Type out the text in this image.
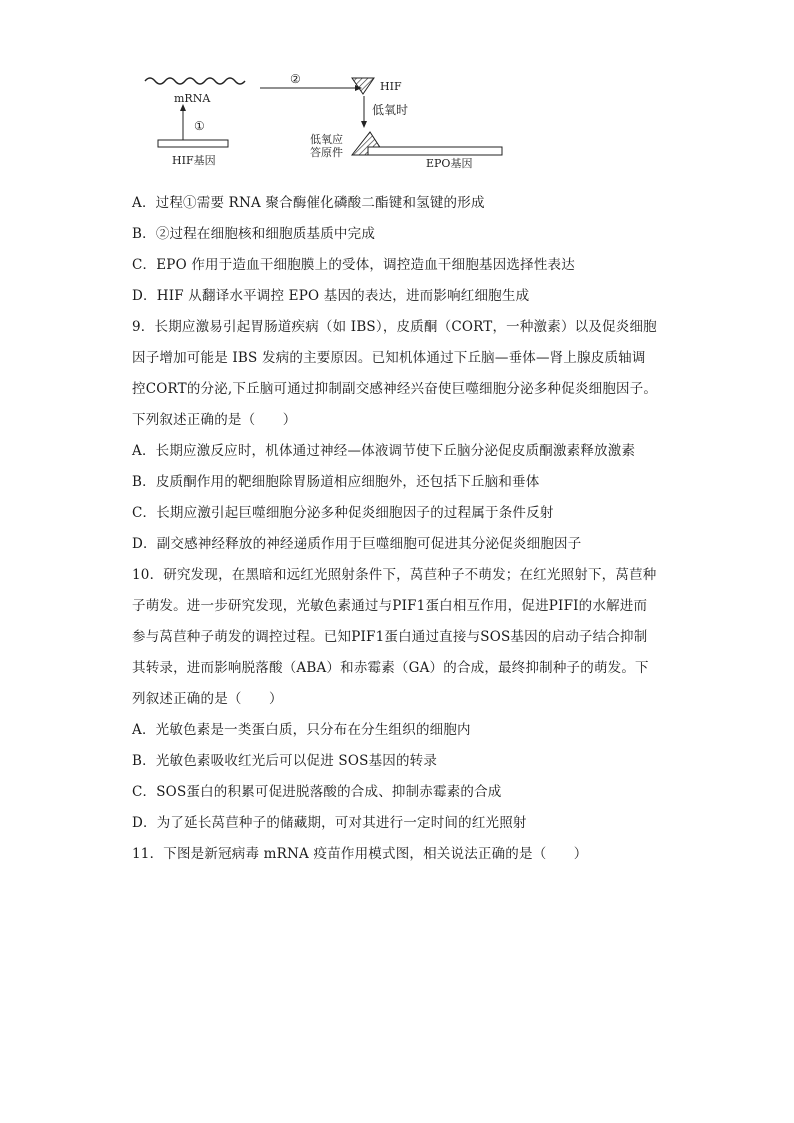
mRNA
①
②
HIF基因
HIF
低氧时
低氧应
答原件
EPO基因
A．过程①需要 RNA 聚合酶催化磷酸二酯键和氢键的形成
B．②过程在细胞核和细胞质基质中完成
C．EPO 作用于造血干细胞膜上的受体，调控造血干细胞基因选择性表达
D．HIF 从翻译水平调控 EPO 基因的表达，进而影响红细胞生成
9．长期应激易引起胃肠道疾病（如 IBS），皮质酮（CORT，一种激素）以及促炎细胞
因子增加可能是 IBS 发病的主要原因。已知机体通过下丘脑—垂体—肾上腺皮质轴调
控CORT的分泌,下丘脑可通过抑制副交感神经兴奋使巨噬细胞分泌多种促炎细胞因子。
下列叙述正确的是（　　）
A．长期应激反应时，机体通过神经—体液调节使下丘脑分泌促皮质酮激素释放激素
B．皮质酮作用的靶细胞除胃肠道相应细胞外，还包括下丘脑和垂体
C．长期应激引起巨噬细胞分泌多种促炎细胞因子的过程属于条件反射
D．副交感神经释放的神经递质作用于巨噬细胞可促进其分泌促炎细胞因子
10．研究发现，在黑暗和远红光照射条件下，莴苣种子不萌发；在红光照射下，莴苣种
子萌发。进一步研究发现，光敏色素通过与PIF1蛋白相互作用，促进PIFI的水解进而
参与莴苣种子萌发的调控过程。已知PIF1蛋白通过直接与SOS基因的启动子结合抑制
其转录，进而影响脱落酸（ABA）和赤霉素（GA）的合成，最终抑制种子的萌发。下
列叙述正确的是（　　）
A．光敏色素是一类蛋白质，只分布在分生组织的细胞内
B．光敏色素吸收红光后可以促进 SOS基因的转录
C．SOS蛋白的积累可促进脱落酸的合成、抑制赤霉素的合成
D．为了延长莴苣种子的储藏期，可对其进行一定时间的红光照射
11．下图是新冠病毒 mRNA 疫苗作用模式图，相关说法正确的是（　　）
